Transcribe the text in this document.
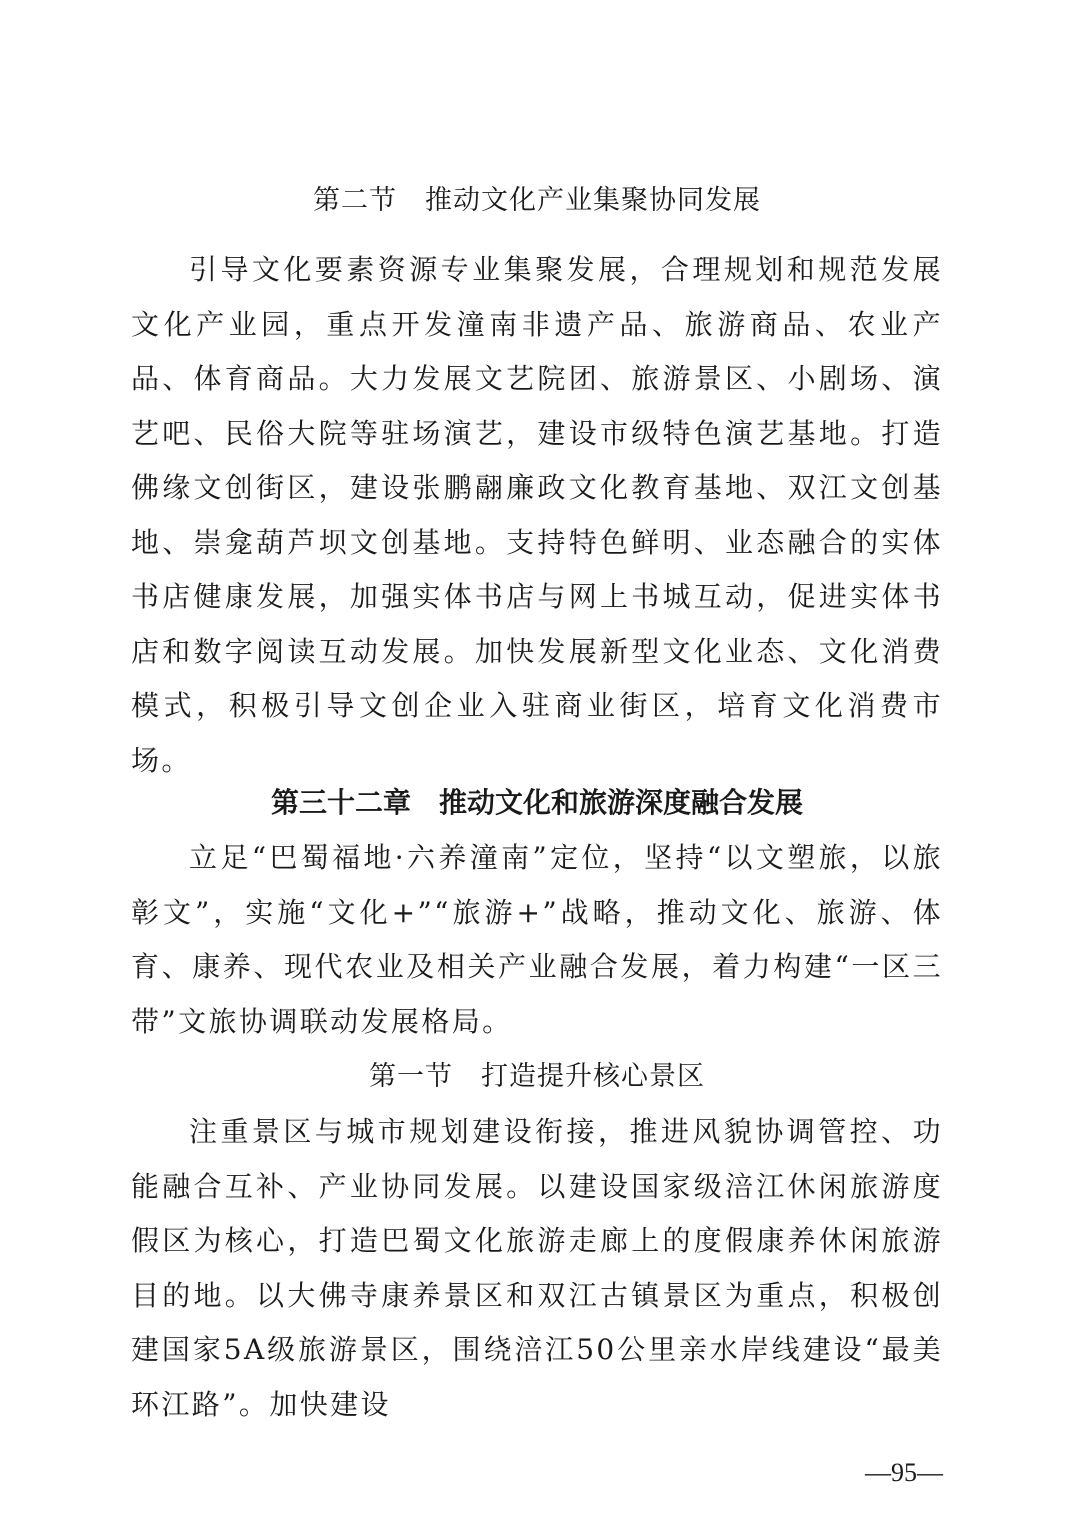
第二节　推动文化产业集聚协同发展

引导文化要素资源专业集聚发展，合理规划和规范发展文化产业园，重点开发潼南非遗产品、旅游商品、农业产品、体育商品。大力发展文艺院团、旅游景区、小剧场、演艺吧、民俗大院等驻场演艺，建设市级特色演艺基地。打造佛缘文创街区，建设张鹏翮廉政文化教育基地、双江文创基地、崇龛葫芦坝文创基地。支持特色鲜明、业态融合的实体书店健康发展，加强实体书店与网上书城互动，促进实体书店和数字阅读互动发展。加快发展新型文化业态、文化消费模式，积极引导文创企业入驻商业街区，培育文化消费市场。

第三十二章　推动文化和旅游深度融合发展

立足“巴蜀福地·六养潼南”定位，坚持“以文塑旅，以旅彰文”，实施“文化+”“旅游+”战略，推动文化、旅游、体育、康养、现代农业及相关产业融合发展，着力构建“一区三带”文旅协调联动发展格局。

第一节　打造提升核心景区

注重景区与城市规划建设衔接，推进风貌协调管控、功能融合互补、产业协同发展。以建设国家级涪江休闲旅游度假区为核心，打造巴蜀文化旅游走廊上的度假康养休闲旅游目的地。以大佛寺康养景区和双江古镇景区为重点，积极创建国家5A级旅游景区，围绕涪江50公里亲水岸线建设“最美环江路”。加快建设

—95—
